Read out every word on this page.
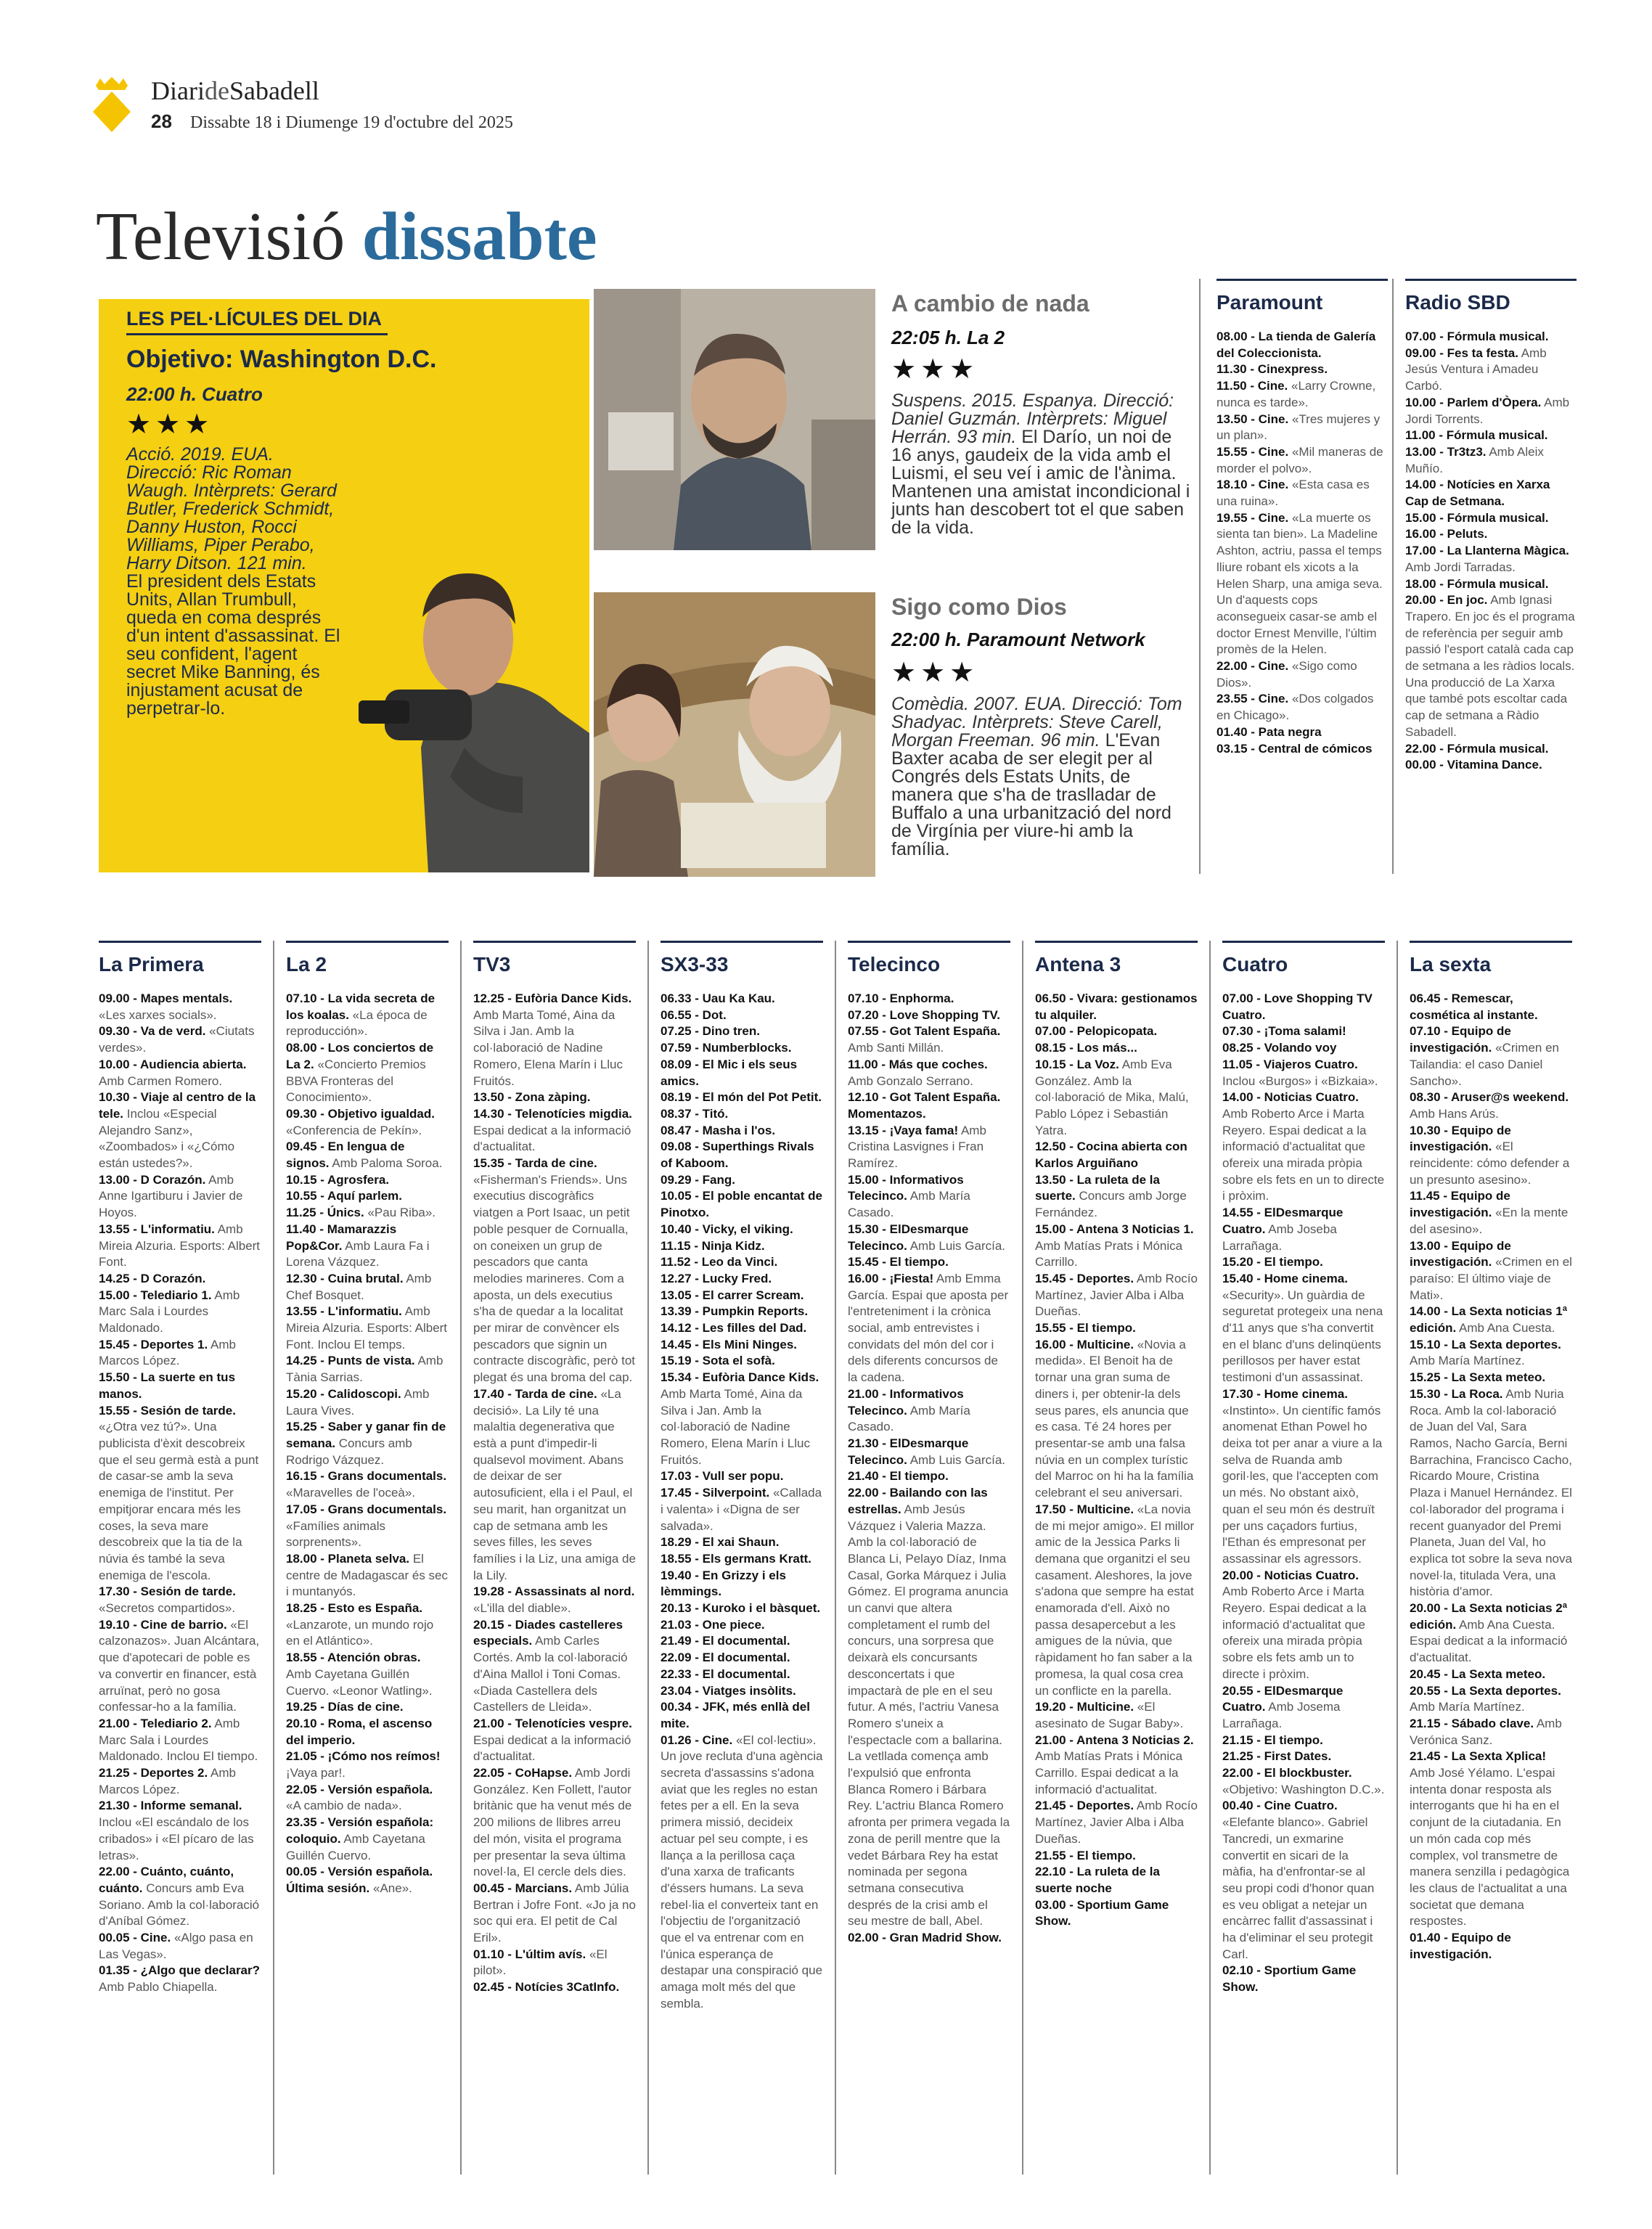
DiarideSabadell
28 Dissabte 18 i Diumenge 19 d'octubre del 2025
Televisió dissabte
LES PEL·LÍCULES DEL DIA
Objetivo: Washington D.C.
22:00 h. Cuatro
★★★
Acció. 2019. EUA. Direcció: Ric Roman Waugh. Intèrprets: Gerard Butler, Frederick Schmidt, Danny Huston, Rocci Williams, Piper Perabo, Harry Ditson. 121 min.
El president dels Estats Units, Allan Trumbull, queda en coma després d'un intent d'assassinat. El seu confident, l'agent secret Mike Banning, és injustament acusat de perpetrar-lo.
A cambio de nada
22:05 h. La 2
★★★
Suspens. 2015. Espanya. Direcció: Daniel Guzmán. Intèrprets: Miguel Herrán. 93 min. El Darío, un noi de 16 anys, gaudeix de la vida amb el Luismi, el seu veí i amic de l'ànima. Mantenen una amistat incondicional i junts han descobert tot el que saben de la vida.
Sigo como Dios
22:00 h. Paramount Network
★★★
Comèdia. 2007. EUA. Direcció: Tom Shadyac. Intèrprets: Steve Carell, Morgan Freeman. 96 min. L'Evan Baxter acaba de ser elegit per al Congrés dels Estats Units, de manera que s'ha de traslladar de Buffalo a una urbanització del nord de Virgínia per viure-hi amb la família.
Paramount
08.00 - La tienda de Galería del Coleccionista.
11.30 - Cinexpress.
11.50 - Cine. «Larry Crowne, nunca es tarde».
13.50 - Cine. «Tres mujeres y un plan».
15.55 - Cine. «Mil maneras de morder el polvo».
18.10 - Cine. «Esta casa es una ruina».
19.55 - Cine. «La muerte os sienta tan bien». La Madeline Ashton, actriu, passa el temps lliure robant els xicots a la Helen Sharp, una amiga seva. Un d'aquests cops aconsegueix casar-se amb el doctor Ernest Menville, l'últim promès de la Helen.
22.00 - Cine. «Sigo como Dios».
23.55 - Cine. «Dos colgados en Chicago».
01.40 - Pata negra
03.15 - Central de cómicos
Radio SBD
07.00 - Fórmula musical.
09.00 - Fes ta festa. Amb Jesús Ventura i Amadeu Carbó.
10.00 - Parlem d'Òpera. Amb Jordi Torrents.
11.00 - Fórmula musical.
13.00 - Tr3tz3. Amb Aleix Muñío.
14.00 - Notícies en Xarxa Cap de Setmana.
15.00 - Fórmula musical.
16.00 - Peluts.
17.00 - La Llanterna Màgica. Amb Jordi Tarradas.
18.00 - Fórmula musical.
20.00 - En joc. Amb Ignasi Trapero. En joc és el programa de referència per seguir amb passió l'esport català cada cap de setmana a les ràdios locals. Una producció de La Xarxa que també pots escoltar cada cap de setmana a Ràdio Sabadell.
22.00 - Fórmula musical.
00.00 - Vitamina Dance.
La Primera
09.00 - Mapes mentals. «Les xarxes socials».
09.30 - Va de verd. «Ciutats verdes».
10.00 - Audiencia abierta. Amb Carmen Romero.
10.30 - Viaje al centro de la tele. Inclou «Especial Alejandro Sanz», «Zoombados» i «¿Cómo están ustedes?».
13.00 - D Corazón. Amb Anne Igartiburu i Javier de Hoyos.
13.55 - L'informatiu. Amb Mireia Alzuria. Esports: Albert Font.
14.25 - D Corazón.
15.00 - Telediario 1. Amb Marc Sala i Lourdes Maldonado.
15.45 - Deportes 1. Amb Marcos López.
15.50 - La suerte en tus manos.
15.55 - Sesión de tarde. «¿Otra vez tú?». Una publicista d'èxit descobreix que el seu germà està a punt de casar-se amb la seva enemiga de l'institut. Per empitjorar encara més les coses, la seva mare descobreix que la tia de la núvia és també la seva enemiga de l'escola.
17.30 - Sesión de tarde. «Secretos compartidos».
19.10 - Cine de barrio. «El calzonazos». Juan Alcántara, que d'apotecari de poble es va convertir en financer, està arruïnat, però no gosa confessar-ho a la família.
21.00 - Telediario 2. Amb Marc Sala i Lourdes Maldonado. Inclou El tiempo.
21.25 - Deportes 2. Amb Marcos López.
21.30 - Informe semanal. Inclou «El escándalo de los cribados» i «El pícaro de las letras».
22.00 - Cuánto, cuánto, cuánto. Concurs amb Eva Soriano. Amb la col·laboració d'Aníbal Gómez.
00.05 - Cine. «Algo pasa en Las Vegas».
01.35 - ¿Algo que declarar? Amb Pablo Chiapella.
La 2
07.10 - La vida secreta de los koalas. «La época de reproducción».
08.00 - Los conciertos de La 2. «Concierto Premios BBVA Fronteras del Conocimiento».
09.30 - Objetivo igualdad. «Conferencia de Pekín».
09.45 - En lengua de signos. Amb Paloma Soroa.
10.15 - Agrosfera.
10.55 - Aquí parlem.
11.25 - Únics. «Pau Riba».
11.40 - Mamarazzis Pop&Cor. Amb Laura Fa i Lorena Vázquez.
12.30 - Cuina brutal. Amb Chef Bosquet.
13.55 - L'informatiu. Amb Mireia Alzuria. Esports: Albert Font. Inclou El temps.
14.25 - Punts de vista. Amb Tània Sarrias.
15.20 - Calidoscopi. Amb Laura Vives.
15.25 - Saber y ganar fin de semana. Concurs amb Rodrigo Vázquez.
16.15 - Grans documentals. «Maravelles de l'oceà».
17.05 - Grans documentals. «Famílies animals sorprenents».
18.00 - Planeta selva. El centre de Madagascar és sec i muntanyós.
18.25 - Esto es España. «Lanzarote, un mundo rojo en el Atlántico».
18.55 - Atención obras. Amb Cayetana Guillén Cuervo. «Leonor Watling».
19.25 - Días de cine.
20.10 - Roma, el ascenso del imperio.
21.05 - ¡Cómo nos reímos! ¡Vaya par!.
22.05 - Versión española. «A cambio de nada».
23.35 - Versión española: coloquio. Amb Cayetana Guillén Cuervo.
00.05 - Versión española. Última sesión. «Ane».
TV3
12.25 - Eufòria Dance Kids. Amb Marta Tomé, Aina da Silva i Jan. Amb la col·laboració de Nadine Romero, Elena Marín i Lluc Fruitós.
13.50 - Zona zàping.
14.30 - Telenotícies migdia. Espai dedicat a la informació d'actualitat.
15.35 - Tarda de cine. «Fisherman's Friends». Uns executius discogràfics viatgen a Port Isaac, un petit poble pesquer de Cornualla, on coneixen un grup de pescadors que canta melodies marineres. Com a aposta, un dels executius s'ha de quedar a la localitat per mirar de convèncer els pescadors que signin un contracte discogràfic, però tot plegat és una broma del cap.
17.40 - Tarda de cine. «La decisió». La Lily té una malaltia degenerativa que està a punt d'impedir-li qualsevol moviment. Abans de deixar de ser autosuficient, ella i el Paul, el seu marit, han organitzat un cap de setmana amb les seves filles, les seves famílies i la Liz, una amiga de la Lily.
19.28 - Assassinats al nord. «L'illa del diable».
20.15 - Diades castelleres especials. Amb Carles Cortés. Amb la col·laboració d'Aina Mallol i Toni Comas. «Diada Castellera dels Castellers de Lleida».
21.00 - Telenotícies vespre. Espai dedicat a la informació d'actualitat.
22.05 - CoHapse. Amb Jordi González. Ken Follett, l'autor britànic que ha venut més de 200 milions de llibres arreu del món, visita el programa per presentar la seva última novel·la, El cercle dels dies.
00.45 - Marcians. Amb Júlia Bertran i Jofre Font. «Jo ja no soc qui era. El petit de Cal Eril».
01.10 - L'últim avís. «El pilot».
02.45 - Notícies 3CatInfo.
SX3-33
06.33 - Uau Ka Kau.
06.55 - Dot.
07.25 - Dino tren.
07.59 - Numberblocks.
08.09 - El Mic i els seus amics.
08.19 - El món del Pot Petit.
08.37 - Titó.
08.47 - Masha i l'os.
09.08 - Superthings Rivals of Kaboom.
09.29 - Fang.
10.05 - El poble encantat de Pinotxo.
10.40 - Vicky, el viking.
11.15 - Ninja Kidz.
11.52 - Leo da Vinci.
12.27 - Lucky Fred.
13.05 - El carrer Scream.
13.39 - Pumpkin Reports.
14.12 - Les filles del Dad.
14.45 - Els Mini Ninges.
15.19 - Sota el sofà.
15.34 - Eufòria Dance Kids. Amb Marta Tomé, Aina da Silva i Jan. Amb la col·laboració de Nadine Romero, Elena Marín i Lluc Fruitós.
17.03 - Vull ser popu.
17.45 - Silverpoint. «Callada i valenta» i «Digna de ser salvada».
18.29 - El xai Shaun.
18.55 - Els germans Kratt.
19.40 - En Grizzy i els lèmmings.
20.13 - Kuroko i el bàsquet.
21.03 - One piece.
21.49 - El documental.
22.09 - El documental.
22.33 - El documental.
23.04 - Viatges insòlits.
00.34 - JFK, més enllà del mite.
01.26 - Cine. «El col·lectiu». Un jove recluta d'una agència secreta d'assassins s'adona aviat que les regles no estan fetes per a ell. En la seva primera missió, decideix actuar pel seu compte, i es llança a la perillosa caça d'una xarxa de traficants d'éssers humans. La seva rebel·lia el converteix tant en l'objectiu de l'organització que el va entrenar com en l'única esperança de destapar una conspiració que amaga molt més del que sembla.
Telecinco
07.10 - Enphorma.
07.20 - Love Shopping TV.
07.55 - Got Talent España. Amb Santi Millán.
11.00 - Más que coches. Amb Gonzalo Serrano.
12.10 - Got Talent España. Momentazos.
13.15 - ¡Vaya fama! Amb Cristina Lasvignes i Fran Ramírez.
15.00 - Informativos Telecinco. Amb María Casado.
15.30 - ElDesmarque Telecinco. Amb Luis García.
15.45 - El tiempo.
16.00 - ¡Fiesta! Amb Emma García. Espai que aposta per l'entreteniment i la crònica social, amb entrevistes i convidats del món del cor i dels diferents concursos de la cadena.
21.00 - Informativos Telecinco. Amb María Casado.
21.30 - ElDesmarque Telecinco. Amb Luis García.
21.40 - El tiempo.
22.00 - Bailando con las estrellas. Amb Jesús Vázquez i Valeria Mazza. Amb la col·laboració de Blanca Li, Pelayo Díaz, Inma Casal, Gorka Márquez i Julia Gómez. El programa anuncia un canvi que altera completament el rumb del concurs, una sorpresa que deixarà els concursants desconcertats i que impactarà de ple en el seu futur. A més, l'actriu Vanesa Romero s'uneix a l'espectacle com a ballarina. La vetllada comença amb l'expulsió que enfronta Blanca Romero i Bárbara Rey. L'actriu Blanca Romero afronta per primera vegada la zona de perill mentre que la vedet Bárbara Rey ha estat nominada per segona setmana consecutiva després de la crisi amb el seu mestre de ball, Abel.
02.00 - Gran Madrid Show.
Antena 3
06.50 - Vivara: gestionamos tu alquiler.
07.00 - Pelopicopata.
08.15 - Los más...
10.15 - La Voz. Amb Eva González. Amb la col·laboració de Mika, Malú, Pablo López i Sebastián Yatra.
12.50 - Cocina abierta con Karlos Arguiñano
13.50 - La ruleta de la suerte. Concurs amb Jorge Fernández.
15.00 - Antena 3 Noticias 1. Amb Matías Prats i Mónica Carrillo.
15.45 - Deportes. Amb Rocío Martínez, Javier Alba i Alba Dueñas.
15.55 - El tiempo.
16.00 - Multicine. «Novia a medida». El Benoit ha de tornar una gran suma de diners i, per obtenir-la dels seus pares, els anuncia que es casa. Té 24 hores per presentar-se amb una falsa núvia en un complex turístic del Marroc on hi ha la família celebrant el seu aniversari.
17.50 - Multicine. «La novia de mi mejor amigo». El millor amic de la Jessica Parks li demana que organitzi el seu casament. Aleshores, la jove s'adona que sempre ha estat enamorada d'ell. Això no passa desapercebut a les amigues de la núvia, que ràpidament ho fan saber a la promesa, la qual cosa crea un conflicte en la parella.
19.20 - Multicine. «El asesinato de Sugar Baby».
21.00 - Antena 3 Noticias 2. Amb Matías Prats i Mónica Carrillo. Espai dedicat a la informació d'actualitat.
21.45 - Deportes. Amb Rocío Martínez, Javier Alba i Alba Dueñas.
21.55 - El tiempo.
22.10 - La ruleta de la suerte noche
03.00 - Sportium Game Show.
Cuatro
07.00 - Love Shopping TV Cuatro.
07.30 - ¡Toma salami!
08.25 - Volando voy
11.05 - Viajeros Cuatro. Inclou «Burgos» i «Bizkaia».
14.00 - Noticias Cuatro. Amb Roberto Arce i Marta Reyero. Espai dedicat a la informació d'actualitat que ofereix una mirada pròpia sobre els fets en un to directe i pròxim.
14.55 - ElDesmarque Cuatro. Amb Joseba Larrañaga.
15.20 - El tiempo.
15.40 - Home cinema. «Security». Un guàrdia de seguretat protegeix una nena d'11 anys que s'ha convertit en el blanc d'uns delinqüents perillosos per haver estat testimoni d'un assassinat.
17.30 - Home cinema. «Instinto». Un científic famós anomenat Ethan Powel ho deixa tot per anar a viure a la selva de Ruanda amb goril·les, que l'accepten com un més. No obstant això, quan el seu món és destruït per uns caçadors furtius, l'Ethan és empresonat per assassinar els agressors.
20.00 - Noticias Cuatro. Amb Roberto Arce i Marta Reyero. Espai dedicat a la informació d'actualitat que ofereix una mirada pròpia sobre els fets amb un to directe i pròxim.
20.55 - ElDesmarque Cuatro. Amb Josema Larrañaga.
21.15 - El tiempo.
21.25 - First Dates.
22.00 - El blockbuster. «Objetivo: Washington D.C.».
00.40 - Cine Cuatro. «Elefante blanco». Gabriel Tancredi, un exmarine convertit en sicari de la màfia, ha d'enfrontar-se al seu propi codi d'honor quan es veu obligat a netejar un encàrrec fallit d'assassinat i ha d'eliminar el seu protegit Carl.
02.10 - Sportium Game Show.
La sexta
06.45 - Remescar, cosmética al instante.
07.10 - Equipo de investigación. «Crimen en Tailandia: el caso Daniel Sancho».
08.30 - Aruser@s weekend. Amb Hans Arús.
10.30 - Equipo de investigación. «El reincidente: cómo defender a un presunto asesino».
11.45 - Equipo de investigación. «En la mente del asesino».
13.00 - Equipo de investigación. «Crimen en el paraíso: El último viaje de Mati».
14.00 - La Sexta noticias 1ª edición. Amb Ana Cuesta.
15.10 - La Sexta deportes. Amb María Martínez.
15.25 - La Sexta meteo.
15.30 - La Roca. Amb Nuria Roca. Amb la col·laboració de Juan del Val, Sara Ramos, Nacho García, Berni Barrachina, Francisco Cacho, Ricardo Moure, Cristina Plaza i Manuel Hernández. El col·laborador del programa i recent guanyador del Premi Planeta, Juan del Val, ho explica tot sobre la seva nova novel·la, titulada Vera, una història d'amor.
20.00 - La Sexta noticias 2ª edición. Amb Ana Cuesta. Espai dedicat a la informació d'actualitat.
20.45 - La Sexta meteo.
20.55 - La Sexta deportes. Amb María Martínez.
21.15 - Sábado clave. Amb Verónica Sanz.
21.45 - La Sexta Xplica! Amb José Yélamo. L'espai intenta donar resposta als interrogants que hi ha en el conjunt de la ciutadania. En un món cada cop més complex, vol transmetre de manera senzilla i pedagògica les claus de l'actualitat a una societat que demana respostes.
01.40 - Equipo de investigación.
